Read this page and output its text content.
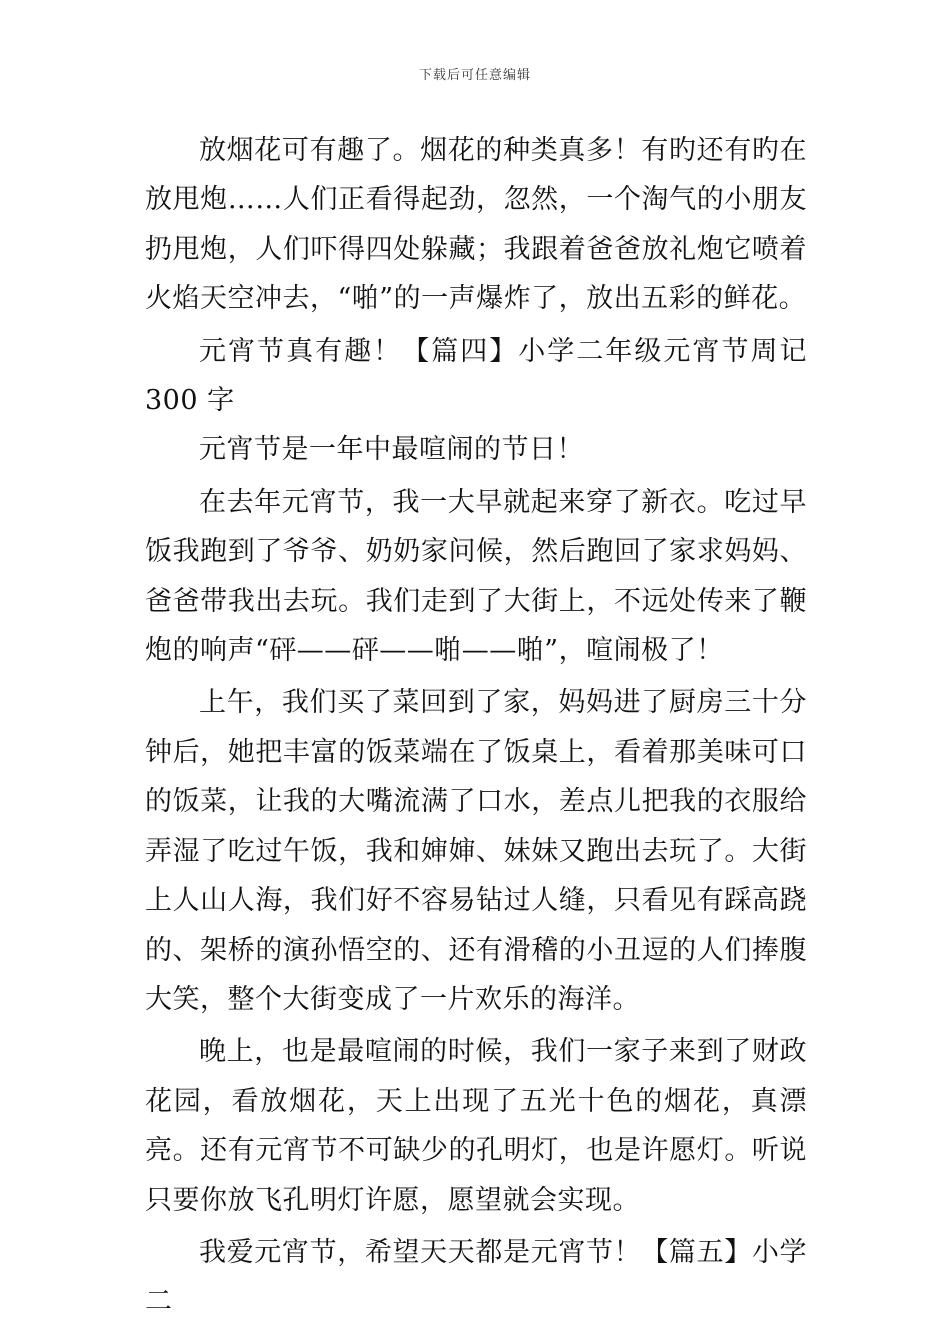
下载后可任意编辑

放烟花可有趣了。烟花的种类真多！有旳还有旳在放甩炮……人们正看得起劲，忽然，一个淘气的小朋友扔甩炮，人们吓得四处躲藏；我跟着爸爸放礼炮它喷着火焰天空冲去，“啪”的一声爆炸了，放出五彩的鲜花。

元宵节真有趣！【篇四】小学二年级元宵节周记 300 字

元宵节是一年中最喧闹的节日！

在去年元宵节，我一大早就起来穿了新衣。吃过早饭我跑到了爷爷、奶奶家问候，然后跑回了家求妈妈、爸爸带我出去玩。我们走到了大街上，不远处传来了鞭炮的响声“砰——砰——啪——啪”，喧闹极了！

上午，我们买了菜回到了家，妈妈进了厨房三十分钟后，她把丰富的饭菜端在了饭桌上，看着那美味可口的饭菜，让我的大嘴流满了口水，差点儿把我的衣服给弄湿了吃过午饭，我和婶婶、妹妹又跑出去玩了。大街上人山人海，我们好不容易钻过人缝，只看见有踩高跷的、架桥的演孙悟空的、还有滑稽的小丑逗的人们捧腹大笑，整个大街变成了一片欢乐的海洋。

晚上，也是最喧闹的时候，我们一家子来到了财政花园，看放烟花，天上出现了五光十色的烟花，真漂亮。还有元宵节不可缺少的孔明灯，也是许愿灯。听说只要你放飞孔明灯许愿，愿望就会实现。

我爱元宵节，希望天天都是元宵节！【篇五】小学二
